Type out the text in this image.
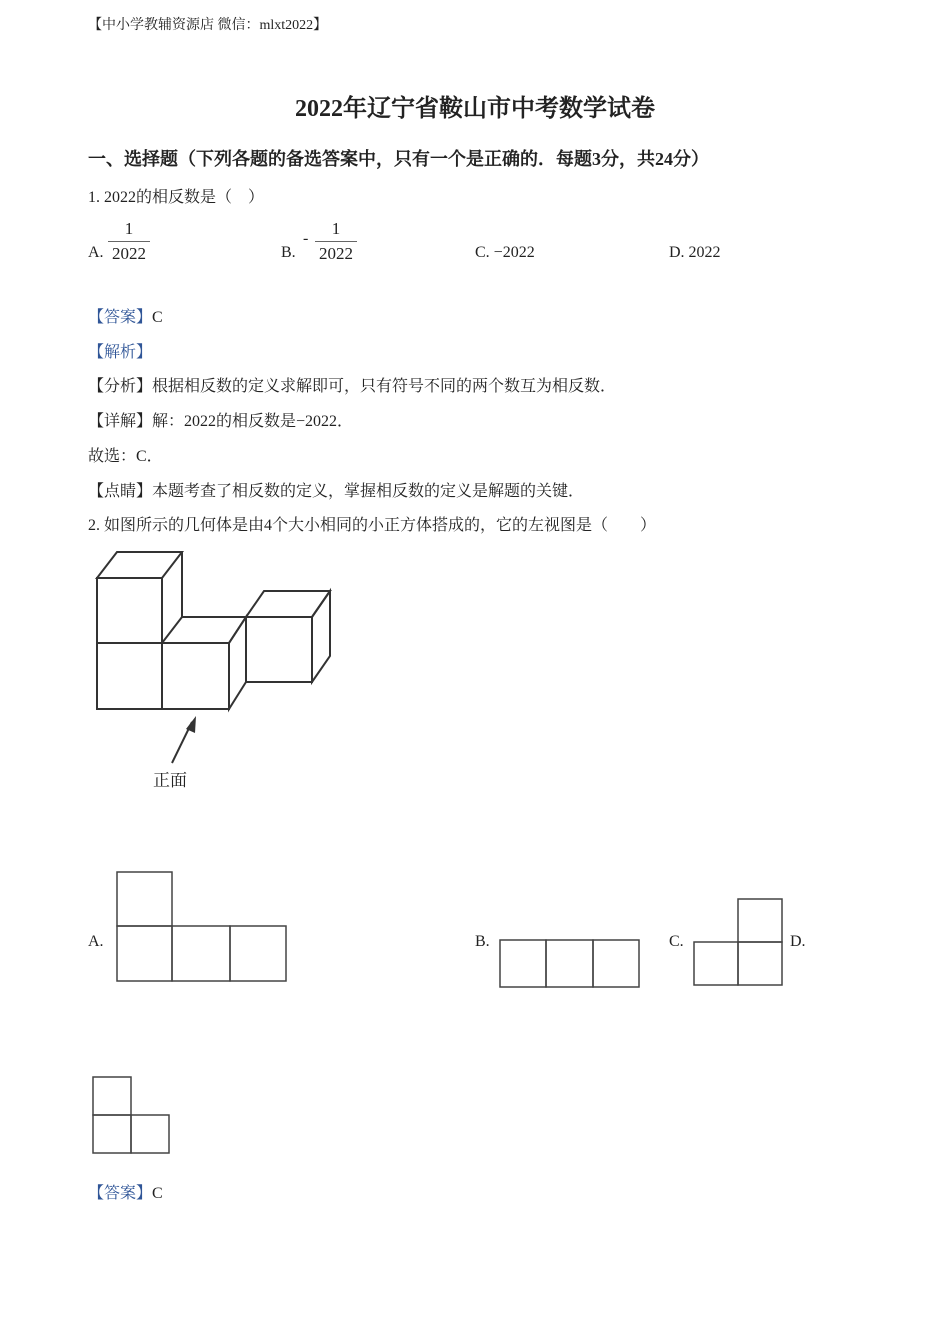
【中小学教辅资源店 微信：mlxt2022】
2022年辽宁省鞍山市中考数学试卷
一、选择题（下列各题的备选答案中，只有一个是正确的．每题3分，共24分）
1. 2022的相反数是（　）
A.
1
2022	B.
-
1
2022	C. −2022	D. 2022
【答案】C
【解析】
【分析】根据相反数的定义求解即可，只有符号不同的两个数互为相反数．
【详解】解：2022的相反数是−2022．
故选：C．
【点睛】本题考查了相反数的定义，掌握相反数的定义是解题的关键．
2. 如图所示的几何体是由4个大小相同的小正方体搭成的，它的左视图是（　　）
正面
A.	B.	C.	D.
【答案】C
